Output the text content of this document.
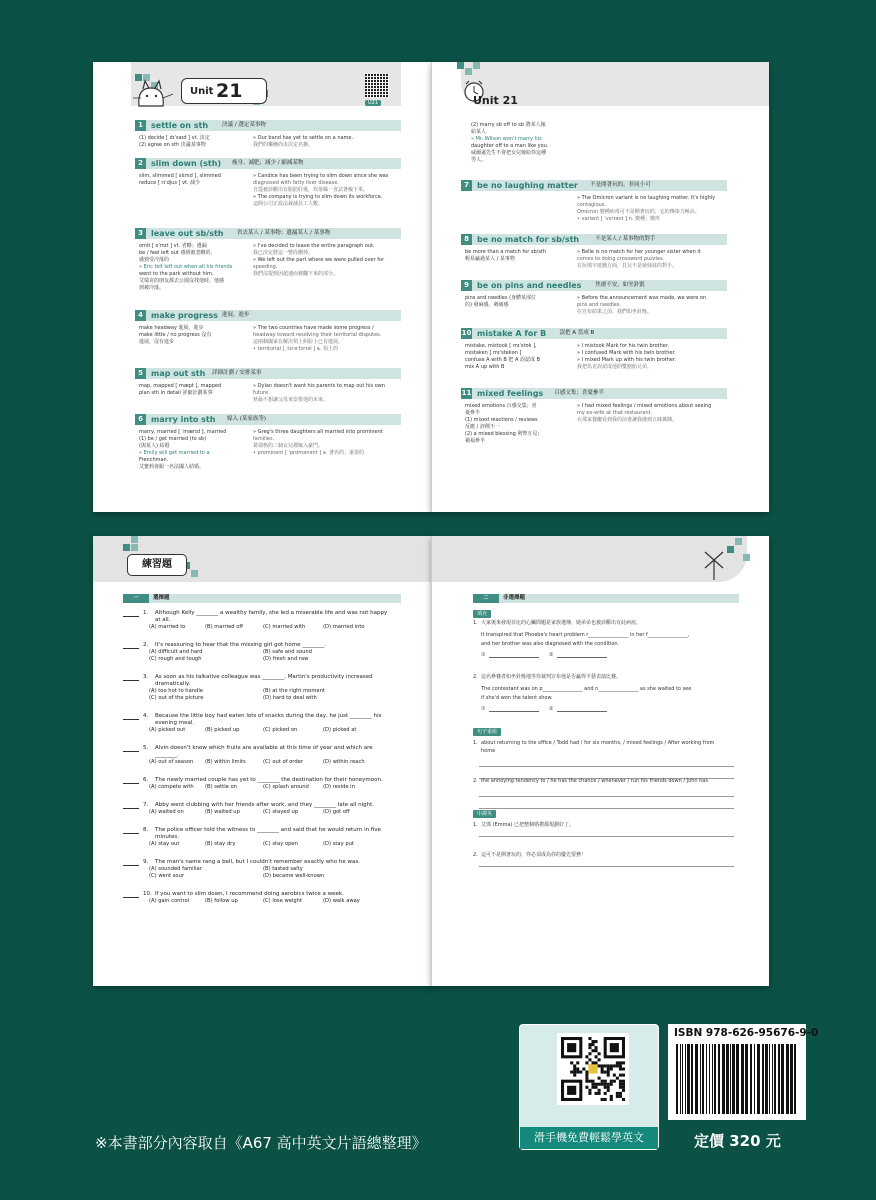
Unit 21
U21
1	settle on sth	決議 / 選定某事物
(1) decide [ dɪˈsaɪd ] vt. 決定
(2) agree on sth 決議某事物
» Our band has yet to settle on a name.
我們的樂團尚未決定名稱。
2	slim down (sth) 瘦身、減肥；減少 / 縮減某物
slim, slimmed [ slɪmd ], slimmed
reduce [ rɪˈdjus ] vt. 減少
» Candice has been trying to slim down since she was
diagnosed with fatty liver disease.
自從被診斷出有脂肪肝後，坎蒂絲一直試著瘦下來。
» The company is trying to slim down its workforce.
這間公司正設法裁減員工人數。
3	leave out sb/sth 省去某人 / 某事物；遺漏某人 / 某事物
omit [ oˈmɪt ] vt. 省略；遺漏
be / feel left out 感到被忽略的、
感到受冷落的
» Eric felt left out when all his friends
went to the park without him.
艾瑞克的朋友都去公園沒找他時，他感
到被冷落。
» I've decided to leave the entire paragraph out.
我已決定將這一整段刪掉。
» We left out the part where we were pulled over for
speeding.
我們沒提到因超速而被攔下來的部分。
4	make progress 進展，進步
make headway 進展，進步
make little / no progress 沒有
進展，沒有進步
» The two countries have made some progress /
headway toward resolving their territorial disputes.
這兩個國家在解決領土糾紛上已有進展。
• territorial [ ˌtɛrəˈtɔrɪəl ] a. 領土的
5	map out sth 詳細計劃 / 安排某事
map, mapped [ mæpt ], mapped
plan sth in detail 詳細計劃某事
» Dylan doesn't want his parents to map out his own
future.
狄倫不想讓父母來安排他的未來。
6	marry into sth 嫁入 (某家族等)
marry, married [ ˈmærɪd ], married
(1) be / get married (to sb)
(與某人) 結婚
» Emily will get married to a
Frenchman.
艾蜜莉會跟一名法國人結婚。
» Greg's three daughters all married into prominent
families.
葛瑞格的三個女兒都嫁入豪門。
• prominent [ ˈprɑmənənt ] a. 著名的；重要的
Unit 21
7	be no laughing matter 不是開著玩的，非同小可
» The Omicron variant is no laughing matter. It's highly
contagious.
Omicron 變種病毒可不是開著玩的，它的傳染力極高。
• variant [ ˈvɛrɪənt ] n. 變種；變形
8	be no match for sb/sth	不是某人 / 某事物的對手
be more than a match for sb/sth
輕易贏過某人 / 某事物
» Belle is no match for her younger sister when it
comes to doing crossword puzzles.
在玩填字遊戲方面，貝兒不是她妹妹的對手。
9	be on pins and needles	焦慮不安，如坐針氈
pins and needles (身體某部位
的) 發麻感，刺痛感
» Before the announcement was made, we were on
pins and needles.
在宣布結果之前，我們如坐針氈。
10 mistake A for B 誤把 A 當成 B
mistake, mistook [ mɪˈstʊk ],
mistaken [ mɪˈstekən ]
confuse A with B 把 A 誤認成 B
mix A up with B
» I mistook Mark for his twin brother.
» I confused Mark with his twin brother.
» I mixed Mark up with his twin brother.
我把馬克誤認成他的雙胞胎兄弟。
11 mixed feelings 百感交集；喜憂參半
mixed emotions 百感交集；喜
憂參半
(1) mixed reactions / reviews
反應 / 評價不一
(2) a mixed blessing 利弊互見；
禍福參半
» I had mixed feelings / mixed emotions about seeing
my ex-wife at that restaurant.
在那家餐廳看到我的前妻讓我感到五味雜陳。
(2) marry sb off to sb 將某人嫁
給某人
» Mr. Wilson won't marry his
daughter off to a man like you.
威爾遜先生不會把女兒嫁給你這種
男人。
練習題
一	選擇題
Although Kelly ________ a wealthy family, she led a miserable life and was not happy
at all.
1.
(A) married to	(B) married off	(C) married with	(D) married into
It's reassuring to hear that the missing girl got home ________.
2.
(A) difficult and hard	(B) safe and sound
(C) rough and tough	(D) fresh and raw
As soon as his talkative colleague was ________, Martin's productivity increased
dramatically.
3.
(A) too hot to handle	(B) at the right moment
(C) out of the picture	(D) hard to deal with
Because the little boy had eaten lots of snacks during the day, he just ________ his
evening meal.
4.
(A) picked out	(B) picked up	(C) picked on	(D) picked at
Alvin doesn't know which fruits are available at this time of year and which are
________.
5.
(A) out of season (B) within limits	(C) out of order	(D) within reach
The newly married couple has yet to ________ the destination for their honeymoon.
6.
(A) compete with (B) settle on	(C) splash around	(D) reside in
Abby went clubbing with her friends after work, and they ________ late all night.
7.
(A) waited on	(B) waited up	(C) stayed up	(D) got off
The police officer told the witness to ________ and said that he would return in five
minutes.
8.
(A) stay out	(B) stay dry	(C) stay open	(D) stay put
The man's name rang a bell, but I couldn't remember exactly who he was.
9.
(A) sounded familiar	(B) tasted salty
(C) went sour	(D) became well-known
If you want to slim down, I recommend doing aerobics twice a week.
10.
(A) gain control	(B) follow up	(C) lose weight	(D) walk away
二	非選擇題
填充
1. 大家後來發現菲比的心臟問題是家族遺傳，她弟弟也被診斷出有此病症。
It transpired that Phoebe's heart problem r________________ in her f________________,
and her brother was also diagnosed with the condition.
①	②
2. 這名參賽者如坐針氈地等待裁判宣布他是否贏得才藝表演比賽。
The contestant was on p________________ and n________________ as she waited to see
if she'd won the talent show.
①	②
句子重組
1. about returning to the office / Todd had / for six months, / mixed feelings / After working from
home
2. the annoying tendency to / he has the chance / whenever / run his friends down / John has
中譯英
1. 艾瑪 (Emma) 已把整個婚禮都規劃好了。
2. 這可不是開著玩的，你必須成為你的優先要務！
※本書部分內容取自《A67 高中英文片語總整理》	滑手機免費輕鬆學英文
ISBN 978-626-95676-9-0
定價 320 元
